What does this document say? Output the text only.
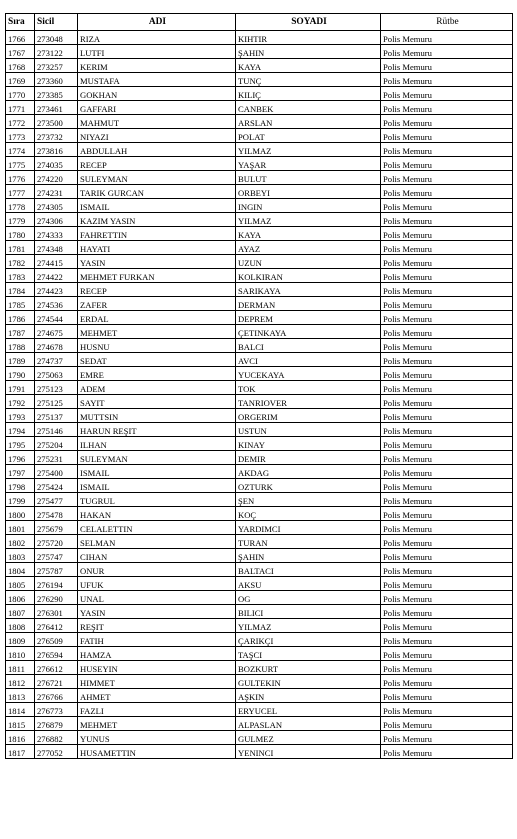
Sıra	Sicil	ADI	SOYADI	Rütbe
1766	273048	RIZA	KIHTIR	Polis Memuru
1767	273122	LUTFI	ŞAHIN	Polis Memuru
1768	273257	KERIM	KAYA	Polis Memuru
1769	273360	MUSTAFA	TUNÇ	Polis Memuru
1770	273385	GOKHAN	KILIÇ	Polis Memuru
1771	273461	GAFFARI	CANBEK	Polis Memuru
1772	273500	MAHMUT	ARSLAN	Polis Memuru
1773	273732	NIYAZI	POLAT	Polis Memuru
1774	273816	ABDULLAH	YILMAZ	Polis Memuru
1775	274035	RECEP	YAŞAR	Polis Memuru
1776	274220	SULEYMAN	BULUT	Polis Memuru
1777	274231	TARIK GURCAN	ORBEYI	Polis Memuru
1778	274305	ISMAIL	INGIN	Polis Memuru
1779	274306	KAZIM YASIN	YILMAZ	Polis Memuru
1780	274333	FAHRETTIN	KAYA	Polis Memuru
1781	274348	HAYATI	AYAZ	Polis Memuru
1782	274415	YASIN	UZUN	Polis Memuru
1783	274422	MEHMET FURKAN	KOLKIRAN	Polis Memuru
1784	274423	RECEP	SARIKAYA	Polis Memuru
1785	274536	ZAFER	DERMAN	Polis Memuru
1786	274544	ERDAL	DEPREM	Polis Memuru
1787	274675	MEHMET	ÇETINKAYA	Polis Memuru
1788	274678	HUSNU	BALCI	Polis Memuru
1789	274737	SEDAT	AVCI	Polis Memuru
1790	275063	EMRE	YUCEKAYA	Polis Memuru
1791	275123	ADEM	TOK	Polis Memuru
1792	275125	SAYIT	TANRIOVER	Polis Memuru
1793	275137	MUTTSIN	ORGERIM	Polis Memuru
1794	275146	HARUN REŞIT	USTUN	Polis Memuru
1795	275204	ILHAN	KINAY	Polis Memuru
1796	275231	SULEYMAN	DEMIR	Polis Memuru
1797	275400	ISMAIL	AKDAG	Polis Memuru
1798	275424	ISMAIL	OZTURK	Polis Memuru
1799	275477	TUGRUL	ŞEN	Polis Memuru
1800	275478	HAKAN	KOÇ	Polis Memuru
1801	275679	CELALETTIN	YARDIMCI	Polis Memuru
1802	275720	SELMAN	TURAN	Polis Memuru
1803	275747	CIHAN	ŞAHIN	Polis Memuru
1804	275787	ONUR	BALTACI	Polis Memuru
1805	276194	UFUK	AKSU	Polis Memuru
1806	276290	UNAL	OG	Polis Memuru
1807	276301	YASIN	BILICI	Polis Memuru
1808	276412	REŞIT	YILMAZ	Polis Memuru
1809	276509	FATIH	ÇARIKÇI	Polis Memuru
1810	276594	HAMZA	TAŞCI	Polis Memuru
1811	276612	HUSEYIN	BOZKURT	Polis Memuru
1812	276721	HIMMET	GULTEKIN	Polis Memuru
1813	276766	AHMET	AŞKIN	Polis Memuru
1814	276773	FAZLI	ERYUCEL	Polis Memuru
1815	276879	MEHMET	ALPASLAN	Polis Memuru
1816	276882	YUNUS	GULMEZ	Polis Memuru
1817	277052	HUSAMETTIN	YENINCI	Polis Memuru
